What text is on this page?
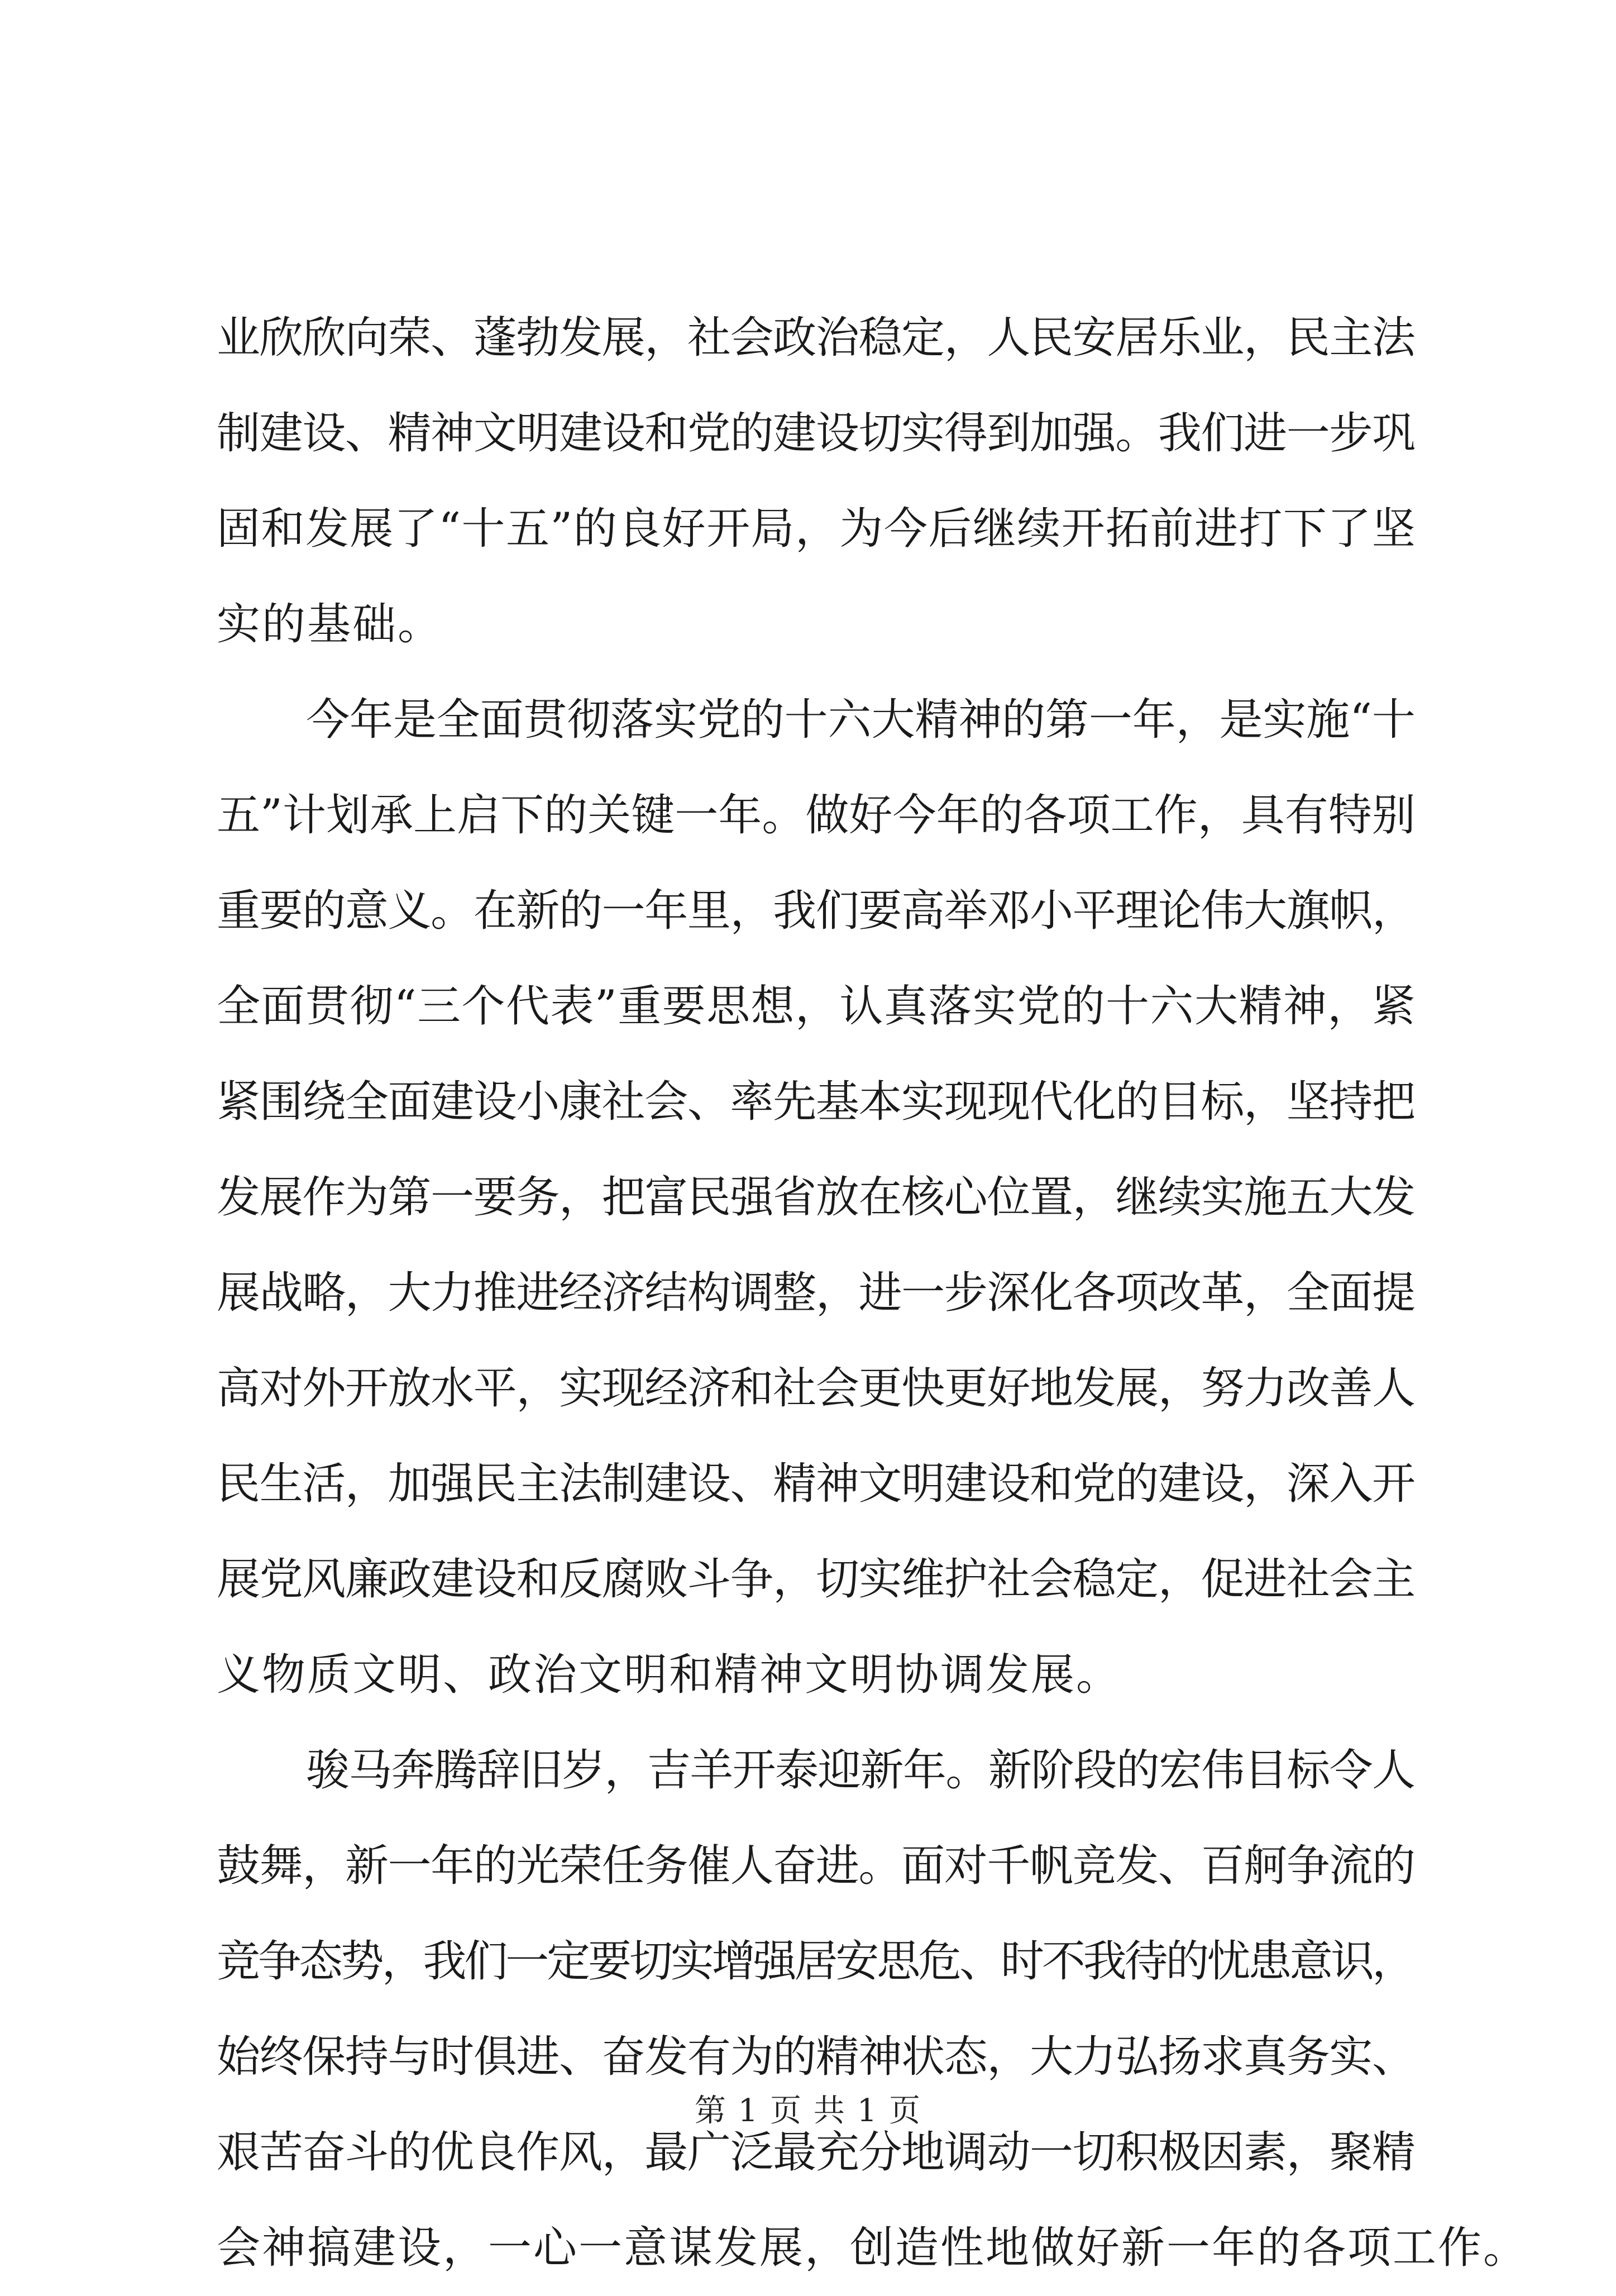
业欣欣向荣、蓬勃发展，社会政治稳定，人民安居乐业，民主法
制建设、精神文明建设和党的建设切实得到加强。我们进一步巩
固和发展了“十五”的良好开局，为今后继续开拓前进打下了坚
实的基础。
今年是全面贯彻落实党的十六大精神的第一年，是实施“十
五”计划承上启下的关键一年。做好今年的各项工作，具有特别
重要的意义。在新的一年里，我们要高举邓小平理论伟大旗帜，
全面贯彻“三个代表”重要思想，认真落实党的十六大精神，紧
紧围绕全面建设小康社会、率先基本实现现代化的目标，坚持把
发展作为第一要务，把富民强省放在核心位置，继续实施五大发
展战略，大力推进经济结构调整，进一步深化各项改革，全面提
高对外开放水平，实现经济和社会更快更好地发展，努力改善人
民生活，加强民主法制建设、精神文明建设和党的建设，深入开
展党风廉政建设和反腐败斗争，切实维护社会稳定，促进社会主
义物质文明、政治文明和精神文明协调发展。
骏马奔腾辞旧岁，吉羊开泰迎新年。新阶段的宏伟目标令人
鼓舞，新一年的光荣任务催人奋进。面对千帆竞发、百舸争流的
竞争态势，我们一定要切实增强居安思危、时不我待的忧患意识，
始终保持与时俱进、奋发有为的精神状态，大力弘扬求真务实、
艰苦奋斗的优良作风，最广泛最充分地调动一切积极因素，聚精
会神搞建设，一心一意谋发展，创造性地做好新一年的各项工作。
第 1 页 共 1 页
